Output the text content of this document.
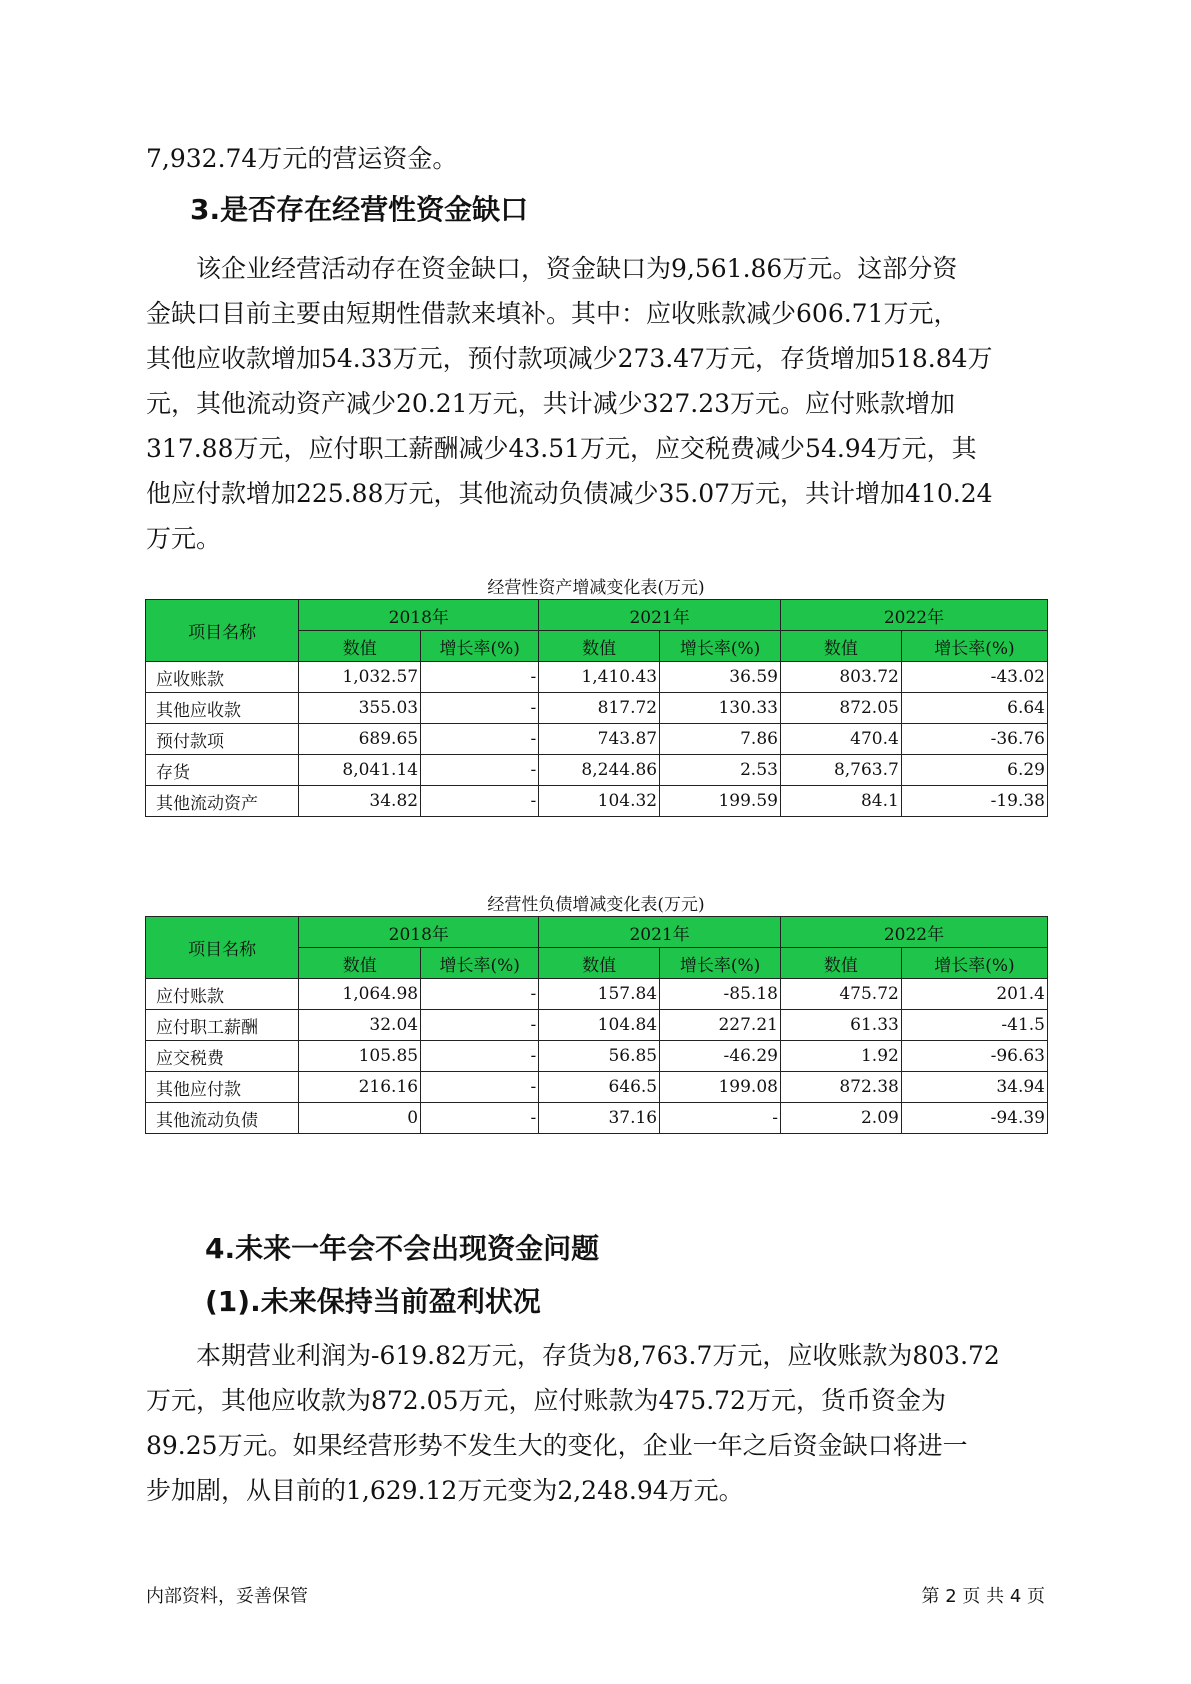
7,932.74万元的营运资金。

3.是否存在经营性资金缺口

该企业经营活动存在资金缺口，资金缺口为9,561.86万元。这部分资
金缺口目前主要由短期性借款来填补。其中：应收账款减少606.71万元，
其他应收款增加54.33万元，预付款项减少273.47万元，存货增加518.84万
元，其他流动资产减少20.21万元，共计减少327.23万元。应付账款增加
317.88万元，应付职工薪酬减少43.51万元，应交税费减少54.94万元，其
他应付款增加225.88万元，其他流动负债减少35.07万元，共计增加410.24
万元。

经营性资产增减变化表(万元)

项目名称	2018年		2021年		2022年	
	数值	增长率(%)	数值	增长率(%)	数值	增长率(%)
应收账款	1,032.57	-	1,410.43	36.59	803.72	-43.02
其他应收款	355.03	-	817.72	130.33	872.05	6.64
预付款项	689.65	-	743.87	7.86	470.4	-36.76
存货	8,041.14	-	8,244.86	2.53	8,763.7	6.29
其他流动资产	34.82	-	104.32	199.59	84.1	-19.38

经营性负债增减变化表(万元)

项目名称	2018年		2021年		2022年	
	数值	增长率(%)	数值	增长率(%)	数值	增长率(%)
应付账款	1,064.98	-	157.84	-85.18	475.72	201.4
应付职工薪酬	32.04	-	104.84	227.21	61.33	-41.5
应交税费	105.85	-	56.85	-46.29	1.92	-96.63
其他应付款	216.16	-	646.5	199.08	872.38	34.94
其他流动负债	0	-	37.16	-	2.09	-94.39
4.未来一年会不会出现资金问题
(1).未来保持当前盈利状况

本期营业利润为-619.82万元，存货为8,763.7万元，应收账款为803.72
万元，其他应收款为872.05万元，应付账款为475.72万元，货币资金为
89.25万元。如果经营形势不发生大的变化，企业一年之后资金缺口将进一
步加剧，从目前的1,629.12万元变为2,248.94万元。

内部资料，妥善保管	第 2 页 共 4 页
